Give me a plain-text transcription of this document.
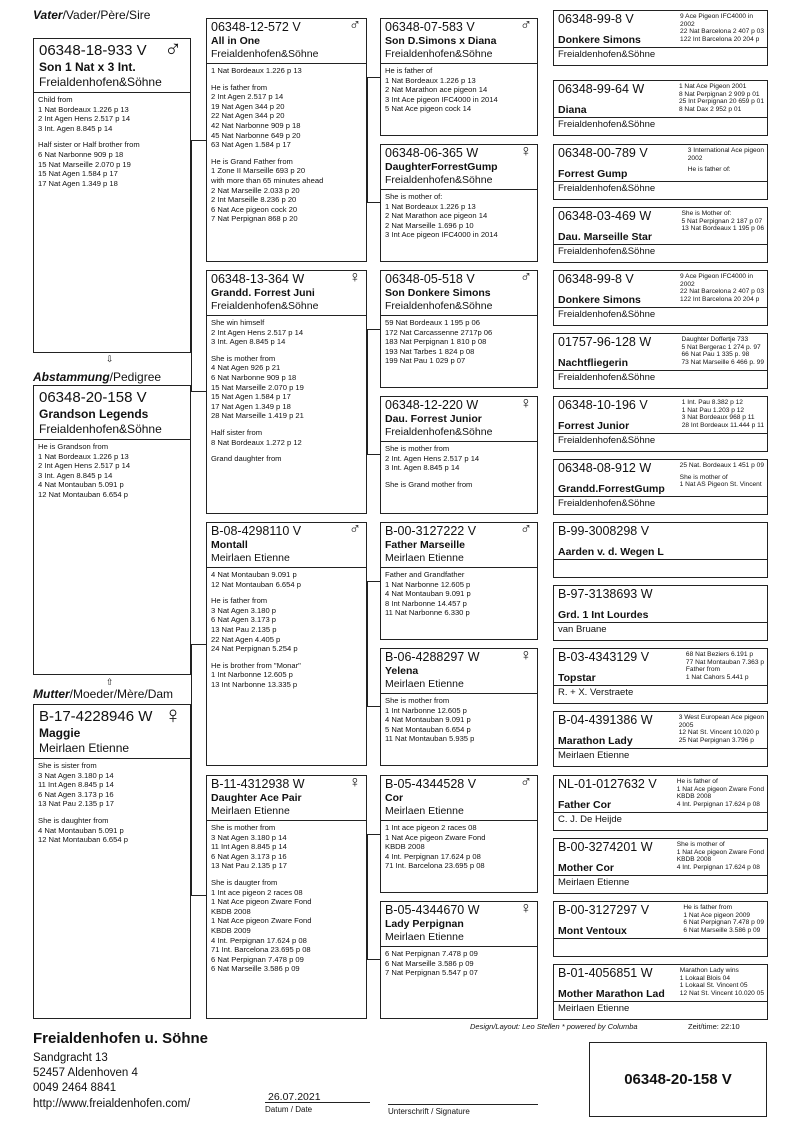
Vater/Vader/Père/Sire
Abstammung/Pedigree
Mutter/Moeder/Mère/Dam
⇩
⇧
06348-18-933 V
Son 1 Nat x 3 Int.
Freialdenhofen&Söhne
♂
Child from
1 Nat Bordeaux 1.226 p 13
2 Int Agen Hens 2.517 p 14
3 Int. Agen 8.845 p 14
Half sister or Half brother from
6 Nat Narbonne 909 p 18
15 Nat Marseille 2.070 p 19
15 Nat Agen 1.584 p 17
17 Nat Agen 1.349 p 18
06348-20-158 V
Grandson Legends
Freialdenhofen&Söhne
He is Grandson from
1 Nat Bordeaux 1.226 p 13
2 Int Agen Hens 2.517 p 14
3 Int. Agen 8.845 p 14
4 Nat Montauban 5.091 p
12 Nat Montauban 6.654 p
B-17-4228946 W
Maggie
Meirlaen Etienne
♀
She is sister from
3 Nat Agen 3.180 p 14
11 Int Agen 8.845 p 14
6 Nat Agen 3.173 p 16
13 Nat Pau 2.135 p 17
She is daughter from
4 Nat Montauban 5.091 p
12 Nat Montauban 6.654 p
06348-12-572 V
All in One
Freialdenhofen&Söhne
♂
1 Nat Bordeaux 1.226 p 13
He is father from
2 Int Agen 2.517 p 14
19 Nat Agen 344 p 20
22 Nat Agen 344 p 20
42 Nat Narbonne 909 p 18
45 Nat Narbonne 649 p 20
63 Nat Agen 1.584 p 17
He is Grand Father from
1 Zone II Marseille 693 p 20
with more than 65 minutes ahead
2 Nat Marseille 2.033 p 20
2 Int Marseille 8.236 p 20
6 Nat Ace pigeon cock 20
7 Nat Perpignan 868 p 20
06348-13-364 W
Grandd. Forrest Juni
Freialdenhofen&Söhne
♀
She win himself
2 Int Agen Hens 2.517 p 14
3 Int. Agen 8.845 p 14
She is mother from
4 Nat Agen 926 p 21
6 Nat Narbonne 909 p 18
15 Nat Marseille 2.070 p 19
15 Nat Agen 1.584 p 17
17 Nat Agen 1.349 p 18
28 Nat Marseille 1.419 p 21
Half sister from
8 Nat Bordeaux 1.272 p 12
Grand daughter from
B-08-4298110 V
Montall
Meirlaen Etienne
♂
4 Nat Montauban 9.091 p
12 Nat Montauban 6.654 p
He is father from
3 Nat Agen 3.180 p
6 Nat Agen 3.173 p
13 Nat Pau 2.135 p
22 Nat Agen 4.405 p
24 Nat Perpignan 5.254 p
He is brother from "Monar"
1 Int Narbonne 12.605 p
13 Int Narbonne 13.335 p
B-11-4312938 W
Daughter Ace Pair
Meirlaen Etienne
♀
She is mother from
3 Nat Agen 3.180 p 14
11 Int Agen 8.845 p 14
6 Nat Agen 3.173 p 16
13 Nat Pau 2.135 p 17
She is daugter from
1 Int ace pigeon 2 races 08
1 Nat Ace pigeon Zware Fond
KBDB 2008
1 Nat Ace pigeon Zware Fond
KBDB 2009
4 Int. Perpignan 17.624 p 08
71 Int. Barcelona 23.695 p 08
6 Nat Perpignan 7.478 p 09
6 Nat Marseille 3.586 p 09
06348-07-583 V
Son D.Simons x Diana
Freialdenhofen&Söhne
♂
He is father of
1 Nat Bordeaux 1.226 p 13
2 Nat Marathon ace pigeon 14
3 Int Ace pigeon IFC4000 in 2014
5 Nat Ace pigeon cock 14
06348-06-365 W
DaughterForrestGump
Freialdenhofen&Söhne
♀
She is mother of:
1 Nat Bordeaux 1.226 p 13
2 Nat Marathon ace pigeon 14
2 Nat Marseille 1.696 p 10
3 Int Ace pigeon IFC4000 in 2014
06348-05-518 V
Son Donkere Simons
Freialdenhofen&Söhne
♂
59 Nat Bordeaux 1 195 p 06
172 Nat Carcassenne 2717p 06
183 Nat Perpignan 1 810 p 08
193 Nat Tarbes 1 824 p 08
199 Nat Pau 1 029 p 07
06348-12-220 W
Dau. Forrest Junior
Freialdenhofen&Söhne
♀
She is mother from
2 Int. Agen Hens 2.517 p 14
3 Int. Agen 8.845 p 14
She is Grand mother from
B-00-3127222 V
Father Marseille
Meirlaen Etienne
♂
Father and Grandfather
1 Nat Narbonne 12.605 p
4 Nat Montauban 9.091 p
8 Int Narbonne 14.457 p
11 Nat Narbonne 6.330 p
B-06-4288297 W
Yelena
Meirlaen Etienne
♀
She is mother from
1 Int Narbonne 12.605 p
4 Nat Montauban 9.091 p
5 Nat Montauban 6.654 p
11 Nat Montauban 5.935 p
B-05-4344528 V
Cor
Meirlaen Etienne
♂
1 Int ace pigeon 2 races 08
1 Nat Ace pigeon Zware Fond
KBDB 2008
4 Int. Perpignan 17.624 p 08
71 Int. Barcelona 23.695 p 08
B-05-4344670 W
Lady Perpignan
Meirlaen Etienne
♀
6 Nat Perpignan 7.478 p 09
6 Nat Marseille 3.586 p 09
7 Nat Perpignan 5.547 p 07
06348-99-8 V
Donkere Simons
Freialdenhofen&Söhne
9 Ace Pigeon IFC4000 in
2002
22 Nat Barcelona 2 407 p 03
122 Int Barcelona 20 204 p
06348-99-64 W
Diana
Freialdenhofen&Söhne
1 Nat Ace Pigeon 2001
8 Nat Perpignan 2 909 p 01
25 Int Perpignan 20 659 p 01
8 Nat Dax 2 952 p 01
06348-00-789 V
Forrest Gump
Freialdenhofen&Söhne
3 International Ace pigeon
2002
He is father of:
06348-03-469 W
Dau. Marseille Star
Freialdenhofen&Söhne
She is Mother of:
5 Nat Perpignan 2 187 p 07
13 Nat Bordeaux 1 195 p 06
06348-99-8 V
Donkere Simons
Freialdenhofen&Söhne
9 Ace Pigeon IFC4000 in
2002
22 Nat Barcelona 2 407 p 03
122 Int Barcelona 20 204 p
01757-96-128 W
Nachtfliegerin
Freialdenhofen&Söhne
Daughter Doffertje 733
5 Nat Bergerac 1 274 p. 97
66 Nat Pau 1 335 p. 98
73 Nat Marseille 6 466 p. 99
06348-10-196 V
Forrest Junior
Freialdenhofen&Söhne
1 Int. Pau 8.382 p 12
1 Nat Pau 1.203 p 12
3 Nat Bordeaux 968 p 11
28 Int Bordeaux 11.444 p 11
06348-08-912 W
Grandd.ForrestGump
Freialdenhofen&Söhne
25 Nat. Bordeaux 1 451 p 09
She is mother of
1 Nat AS Pigeon St. Vincent
B-99-3008298 V
Aarden v. d. Wegen L
B-97-3138693 W
Grd. 1 Int Lourdes
van Bruane
B-03-4343129 V
Topstar
R. + X. Verstraete
68 Nat Beziers 6.191 p
77 Nat Montauban 7.363 p
Father from
1 Nat Cahors 5.441 p
B-04-4391386 W
Marathon Lady
Meirlaen Etienne
3 West European Ace pigeon
2005
12 Nat St. Vincent 10.020 p
25 Nat Perpignan 3.796 p
NL-01-0127632 V
Father Cor
C. J. De Heijde
He is father of
1 Nat Ace pigeon Zware Fond
KBDB 2008
4 Int. Perpignan 17.624 p 08
B-00-3274201 W
Mother Cor
Meirlaen Etienne
She is mother of
1 Nat Ace pigeon Zware Fond
KBDB 2008
4 Int. Perpignan 17.624 p 08
B-00-3127297 V
Mont Ventoux
He is father from
1 Nat Ace pigeon 2009
6 Nat Perpignan 7.478 p 09
6 Nat Marseille 3.586 p 09
B-01-4056851 W
Mother Marathon Lad
Meirlaen Etienne
Marathon Lady wins
1 Lokaal Blois 04
1 Lokaal St. Vincent 05
12 Nat St. Vincent 10.020 05
Freialdenhofen u. Söhne
Sandgracht 13
52457 Aldenhoven 4
0049 2464 8841
http://www.freialdenhofen.com/
Design/Layout: Leo Stellen * powered by Columba	Zeit/time: 22:10
26.07.2021
Datum / Date	Unterschrift / Signature
06348-20-158 V
